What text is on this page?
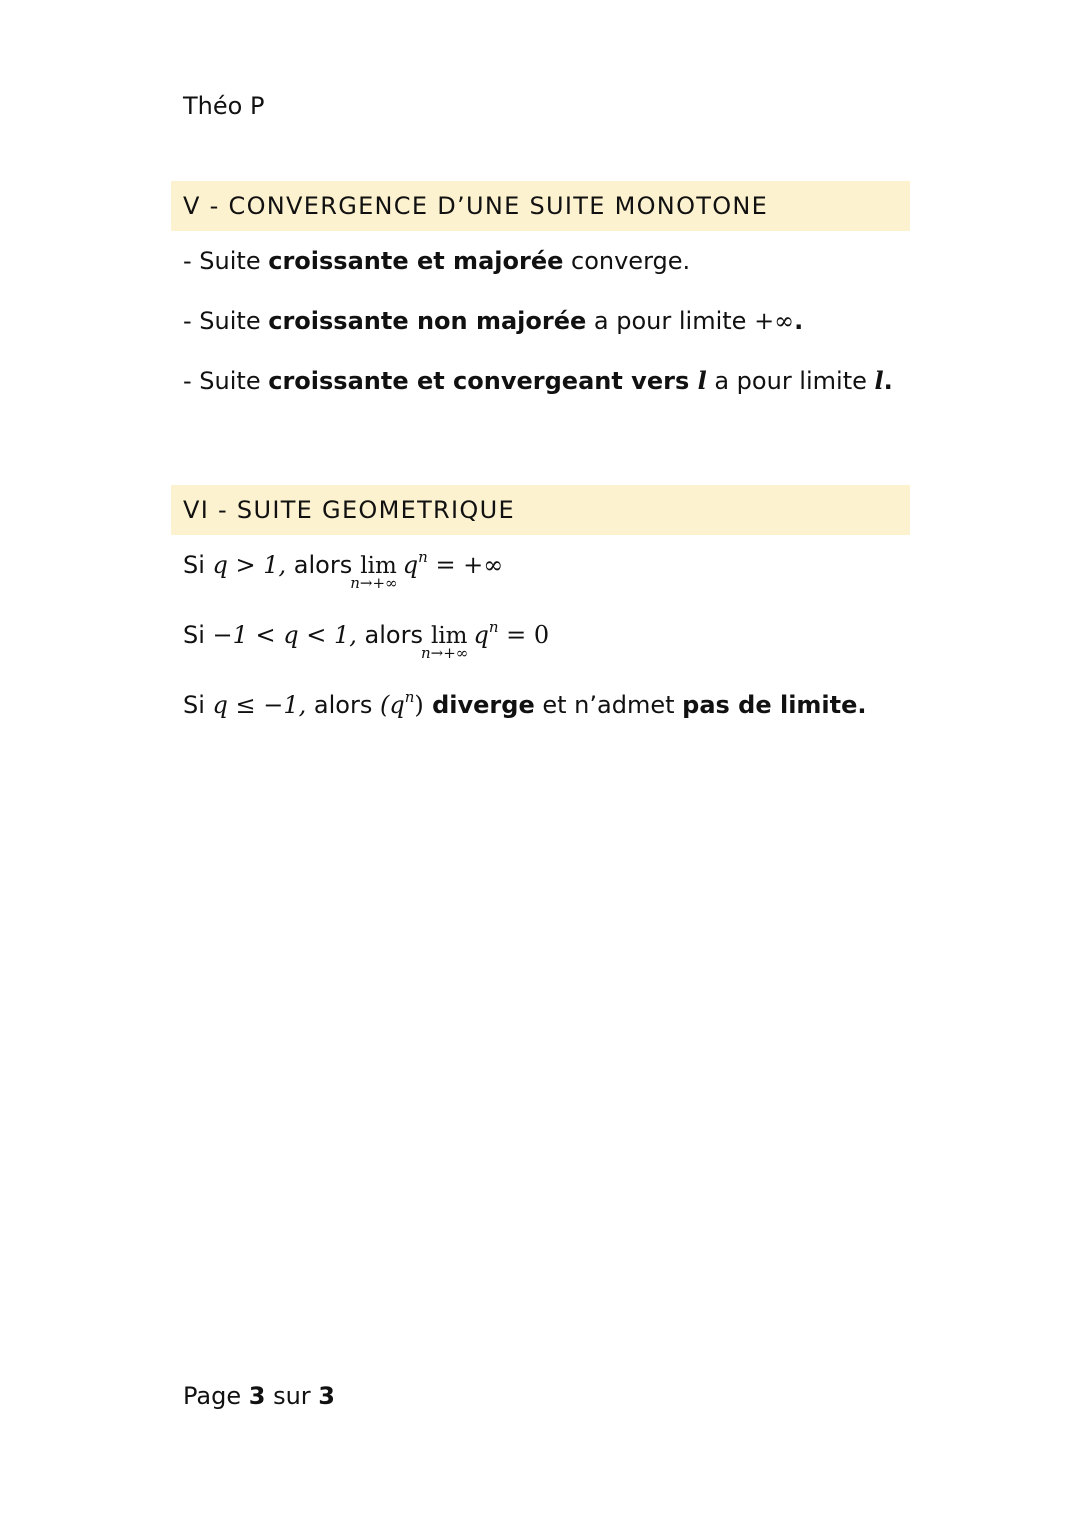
Théo P
V - CONVERGENCE D’UNE SUITE MONOTONE
- Suite croissante et majorée converge.
- Suite croissante non majorée a pour limite +∞.
- Suite croissante et convergeant vers l a pour limite l.
VI - SUITE GEOMETRIQUE
Si q > 1, alors lim
n→+∞
$q^n$ = +∞
Si −1 < q < 1, alors lim
n→+∞
$q^n = 0$
Si q ≤ −1, alors $(q^n)$ diverge et n’admet pas de limite.
Page 3 sur 3
